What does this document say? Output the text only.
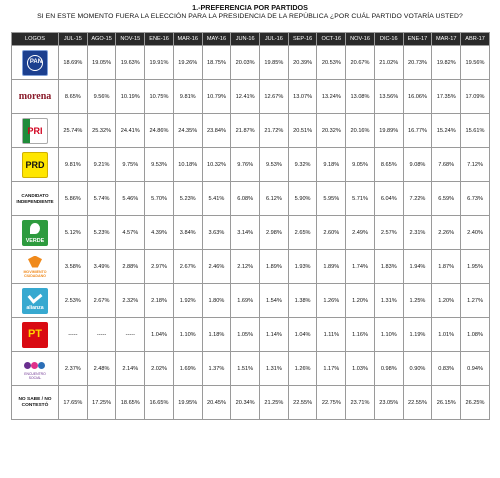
1.-PREFERENCIA POR PARTIDOS
SI EN ESTE MOMENTO FUERA LA ELECCIÓN PARA LA PRESIDENCIA DE LA REPÚBLICA ¿POR CUÁL PARTIDO VOTARÍA USTED?
LOGOS	JUL-15	AGO-15	NOV-15	ENE-16	MAR-16	MAY-16	JUN-16	JUL-16	SEP-16	OCT-16	NOV-16	DIC-16	ENE-17	MAR-17	ABR-17

PAN	18.69%	19.05%	19.63%	19.91%	19.26%	18.75%	20.03%	19.85%	20.39%	20.53%	20.67%	21.02%	20.73%	19.82%	19.56%
morena	8.65%	9.56%	10.19%	10.75%	9.81%	10.79%	12.41%	12.67%	13.07%	13.24%	13.08%	13.56%	16.06%	17.35%	17.09%

PRI	25.74%	25.32%	24.41%	24.86%	24.35%	23.84%	21.87%	21.72%	20.51%	20.32%	20.16%	19.89%	16.77%	15.24%	15.61%

PRD	9.81%	9.21%	9.75%	9.53%	10.18%	10.32%	9.76%	9.53%	9.32%	9.18%	9.05%	8.65%	9.08%	7.68%	7.12%
CANDIDATO INDEPENDIENTE	5.86%	5.74%	5.46%	5.70%	5.23%	5.41%	6.08%	6.12%	5.90%	5.95%	5.71%	6.04%	7.22%	6.59%	6.73%

VERDE	5.12%	5.23%	4.57%	4.39%	3.84%	3.63%	3.14%	2.98%	2.65%	2.60%	2.49%	2.57%	2.31%	2.26%	2.40%

MOVIMIENTO CIUDADANO	3.58%	3.49%	2.88%	2.97%	2.67%	2.46%	2.12%	1.89%	1.93%	1.89%	1.74%	1.83%	1.94%	1.87%	1.95%

alianza	2.53%	2.67%	2.32%	2.18%	1.92%	1.80%	1.69%	1.54%	1.38%	1.26%	1.20%	1.31%	1.25%	1.20%	1.27%

PT	-----	-----	-----	1.04%	1.10%	1.18%	1.05%	1.14%	1.04%	1.11%	1.16%	1.10%	1.19%	1.01%	1.08%

ENCUENTRO SOCIAL	2.37%	2.48%	2.14%	2.02%	1.69%	1.37%	1.51%	1.31%	1.26%	1.17%	1.03%	0.98%	0.90%	0.83%	0.94%
NO SABE / NO CONTESTÓ	17.65%	17.25%	18.65%	16.65%	19.95%	20.45%	20.34%	21.25%	22.55%	22.75%	23.71%	23.05%	22.55%	26.15%	26.25%
